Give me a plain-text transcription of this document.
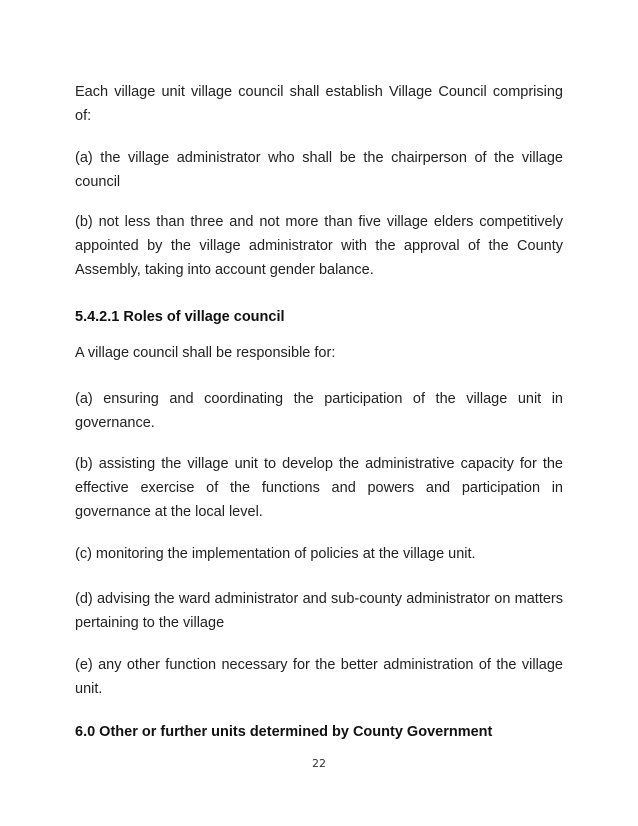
Each village unit village council shall establish Village Council comprising of:

(a) the village administrator who shall be the chairperson of the village council

(b) not less than three and not more than five village elders competitively appointed by the village administrator with the approval of the County Assembly, taking into account gender balance.

5.4.2.1 Roles of village council

A village council shall be responsible for:

(a) ensuring and coordinating the participation of the village unit in governance.

(b) assisting the village unit to develop the administrative capacity for the effective exercise of the functions and powers and participation in governance at the local level.

(c) monitoring the implementation of policies at the village unit.

(d) advising the ward administrator and sub-county administrator on matters pertaining to the village

(e) any other function necessary for the better administration of the village unit.

6.0 Other or further units determined by County Government

22
